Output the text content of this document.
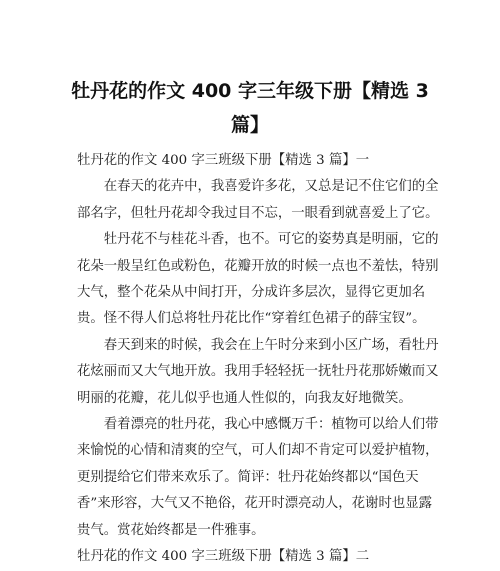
牡丹花的作文 400 字三年级下册【精选 3 篇】

牡丹花的作文 400 字三班级下册【精选 3 篇】一

在春天的花卉中，我喜爱许多花，又总是记不住它们的全部名字，但牡丹花却令我过目不忘，一眼看到就喜爱上了它。

牡丹花不与桂花斗香，也不。可它的姿势真是明丽，它的花朵一般呈红色或粉色，花瓣开放的时候一点也不羞怯，特别大气，整个花朵从中间打开，分成许多层次，显得它更加名贵。怪不得人们总将牡丹花比作“穿着红色裙子的薛宝钗”。

春天到来的时候，我会在上午时分来到小区广场，看牡丹花炫丽而又大气地开放。我用手轻轻抚一抚牡丹花那娇嫩而又明丽的花瓣，花儿似乎也通人性似的，向我友好地微笑。

看着漂亮的牡丹花，我心中感慨万千：植物可以给人们带来愉悦的心情和清爽的空气，可人们却不肯定可以爱护植物，更别提给它们带来欢乐了。简评：牡丹花始终都以“国色天香”来形容，大气又不艳俗，花开时漂亮动人，花谢时也显露贵气。赏花始终都是一件雅事。

牡丹花的作文 400 字三班级下册【精选 3 篇】二
